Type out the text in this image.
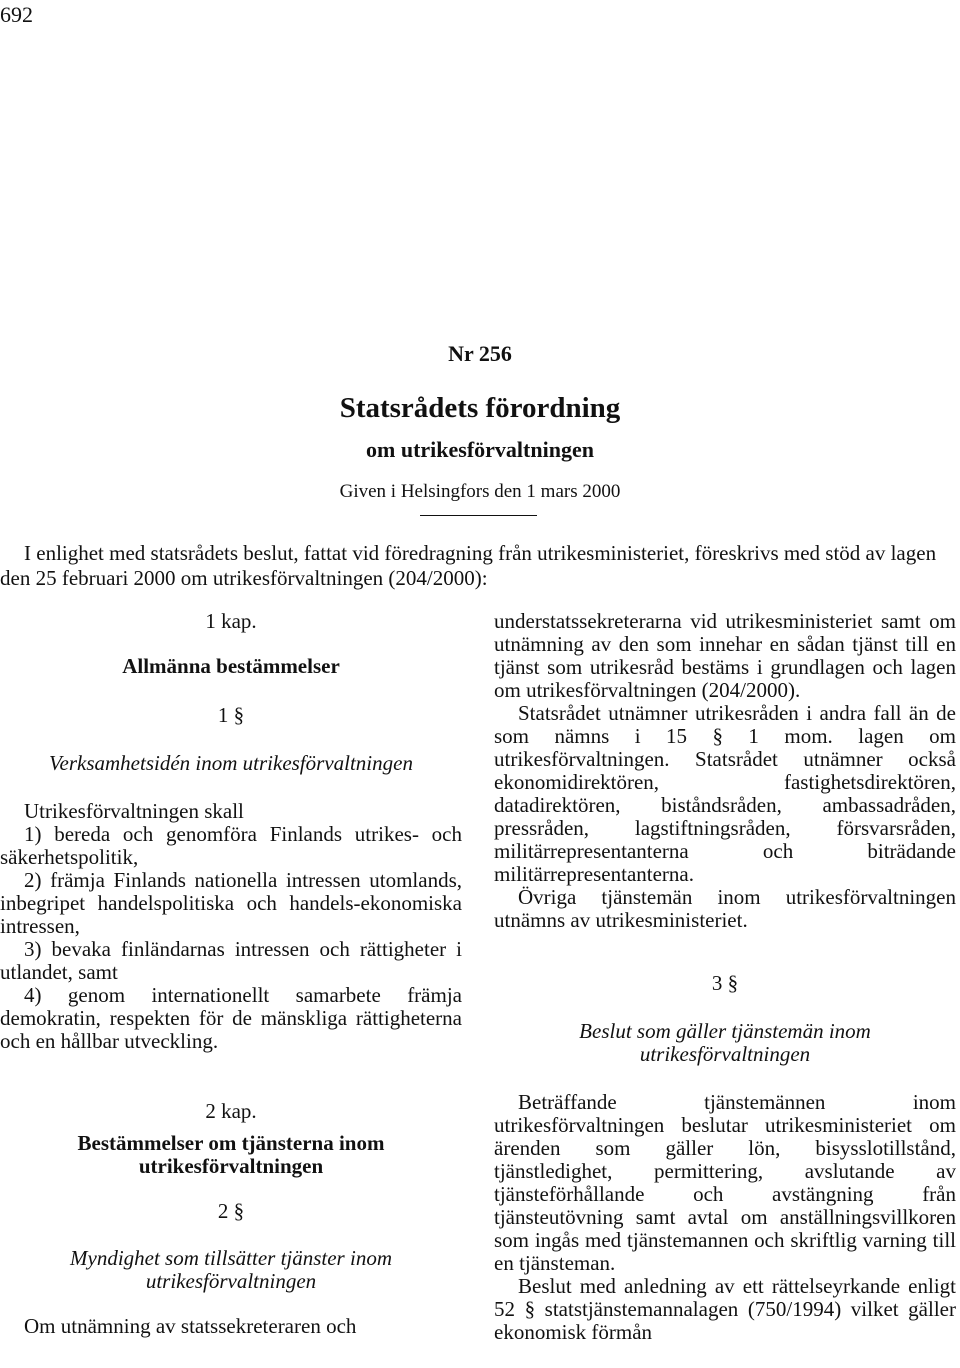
692
Nr 256
Statsrådets förordning
om utrikesförvaltningen
Given i Helsingfors den 1 mars 2000

I enlighet med statsrådets beslut, fattat vid föredragning från utrikesministeriet, föreskrivs med stöd av lagen den 25 februari 2000 om utrikesförvaltningen (204/2000):

1 kap.

Allmänna bestämmelser

1 §

Verksamhetsidén inom utrikesförvaltningen

Utrikesförvaltningen skall

1) bereda och genomföra Finlands utrikes- och säkerhetspolitik,

2) främja Finlands nationella intressen utomlands, inbegripet handelspolitiska och handels-ekonomiska intressen,

3) bevaka finländarnas intressen och rättigheter i utlandet, samt

4) genom internationellt samarbete främja demokratin, respekten för de mänskliga rättigheterna och en hållbar utveckling.

2 kap.

Bestämmelser om tjänsterna inom utrikesförvaltningen

2 §

Myndighet som tillsätter tjänster inom utrikesförvaltningen

Om utnämning av statssekreteraren och

understatssekreterarna vid utrikesministeriet samt om utnämning av den som innehar en sådan tjänst till en tjänst som utrikesråd bestäms i grundlagen och lagen om utrikesförvaltningen (204/2000).

Statsrådet utnämner utrikesråden i andra fall än de som nämns i 15 § 1 mom. lagen om utrikesförvaltningen. Statsrådet utnämner också ekonomidirektören, fastighetsdirektören, datadirektören, biståndsråden, ambassadråden, pressråden, lagstiftningsråden, försvarsråden, militärrepresentanterna och biträdande militärrepresentanterna.

Övriga tjänstemän inom utrikesförvaltningen utnämns av utrikesministeriet.

3 §

Beslut som gäller tjänstemän inom utrikesförvaltningen

Beträffande tjänstemännen inom utrikesförvaltningen beslutar utrikesministeriet om ärenden som gäller lön, bisysslotillstånd, tjänstledighet, permittering, avslutande av tjänsteförhållande och avstängning från tjänsteutövning samt avtal om anställningsvillkoren som ingås med tjänstemannen och skriftlig varning till en tjänsteman.

Beslut med anledning av ett rättelseyrkande enligt 52 § statstjänstemannalagen (750/1994) vilket gäller ekonomisk förmån
